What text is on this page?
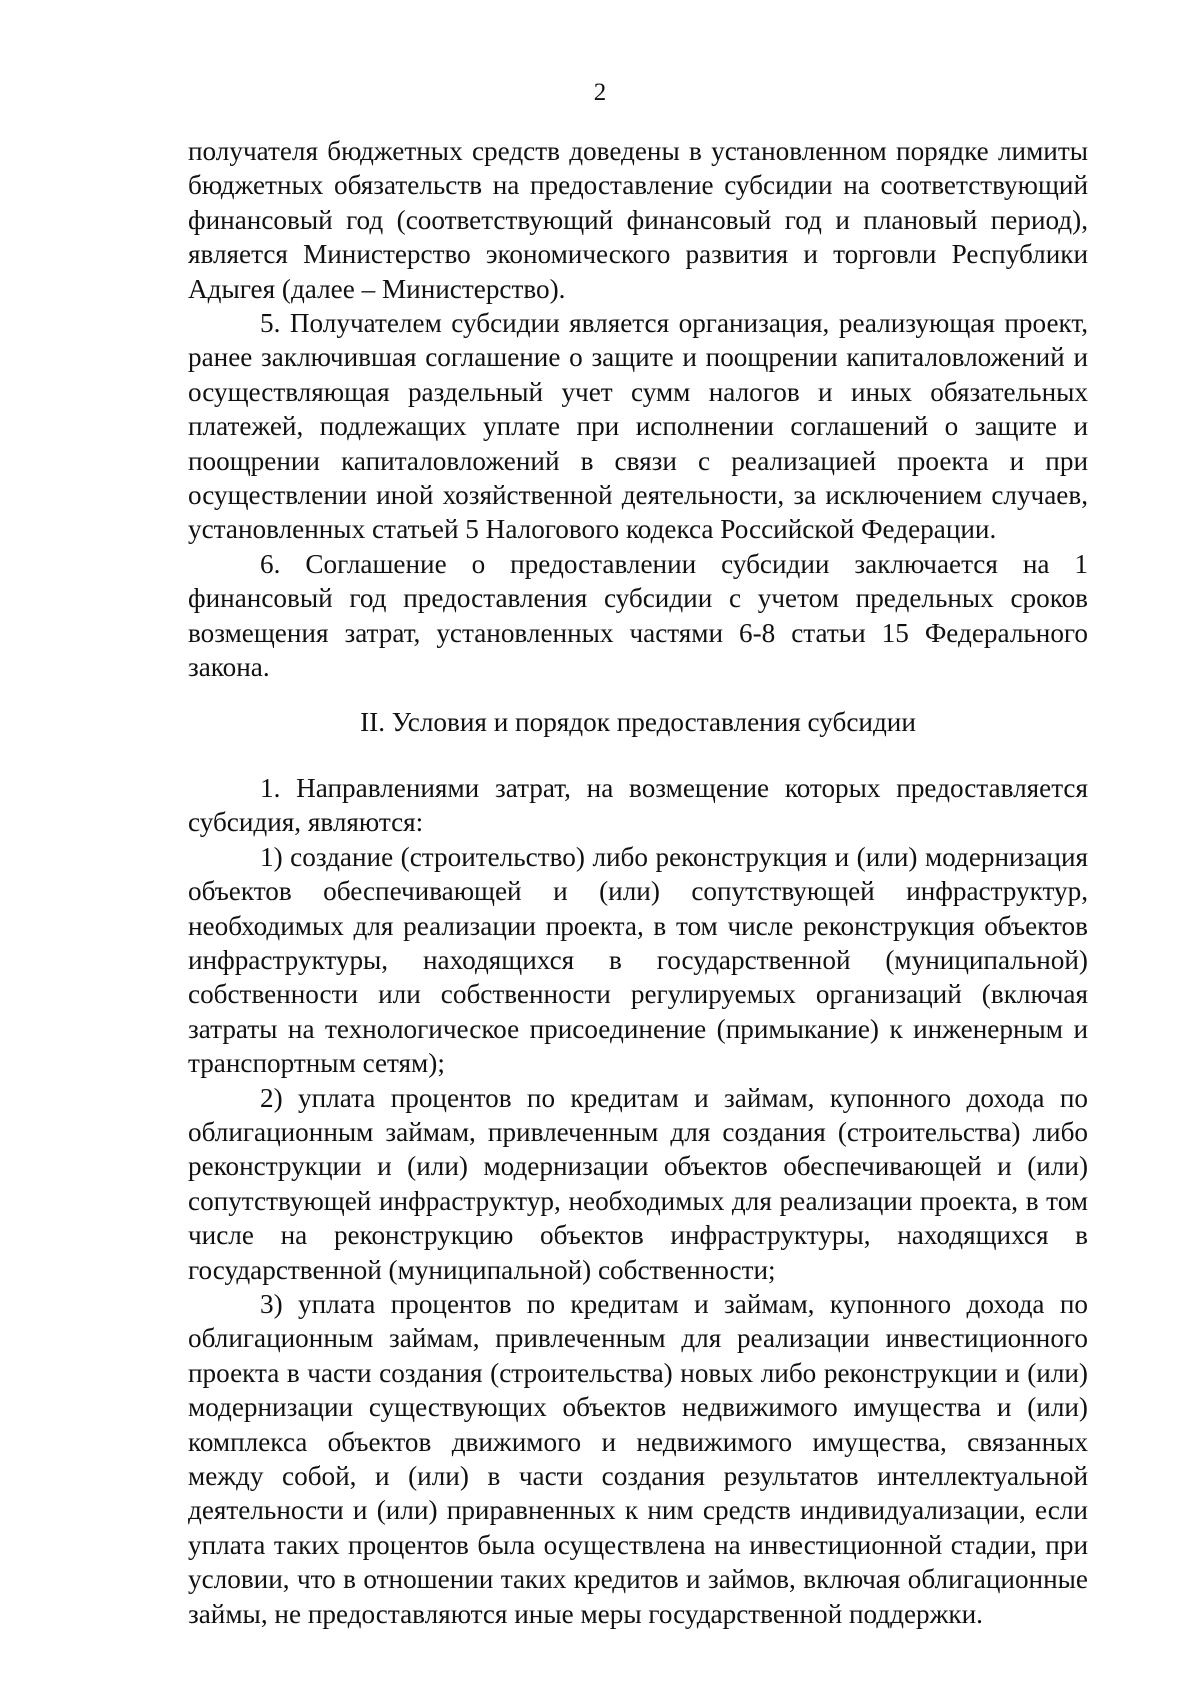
2

получателя бюджетных средств доведены в установленном порядке лимиты бюджетных обязательств на предоставление субсидии на соответствующий финансовый год (соответствующий финансовый год и плановый период), является Министерство экономического развития и торговли Республики Адыгея (далее – Министерство).

5. Получателем субсидии является организация, реализующая проект, ранее заключившая соглашение о защите и поощрении капиталовложений и осуществляющая раздельный учет сумм налогов и иных обязательных платежей, подлежащих уплате при исполнении соглашений о защите и поощрении капиталовложений в связи с реализацией проекта и при осуществлении иной хозяйственной деятельности, за исключением случаев, установленных статьей 5 Налогового кодекса Российской Федерации.

6. Соглашение о предоставлении субсидии заключается на 1 финансовый год предоставления субсидии с учетом предельных сроков возмещения затрат, установленных частями 6-8 статьи 15 Федерального закона.

II. Условия и порядок предоставления субсидии

1. Направлениями затрат, на возмещение которых предоставляется субсидия, являются:

1) создание (строительство) либо реконструкция и (или) модернизация объектов обеспечивающей и (или) сопутствующей инфраструктур, необходимых для реализации проекта, в том числе реконструкция объектов инфраструктуры, находящихся в государственной (муниципальной) собственности или собственности регулируемых организаций (включая затраты на технологическое присоединение (примыкание) к инженерным и транспортным сетям);

2) уплата процентов по кредитам и займам, купонного дохода по облигационным займам, привлеченным для создания (строительства) либо реконструкции и (или) модернизации объектов обеспечивающей и (или) сопутствующей инфраструктур, необходимых для реализации проекта, в том числе на реконструкцию объектов инфраструктуры, находящихся в государственной (муниципальной) собственности;

3) уплата процентов по кредитам и займам, купонного дохода по облигационным займам, привлеченным для реализации инвестиционного проекта в части создания (строительства) новых либо реконструкции и (или) модернизации существующих объектов недвижимого имущества и (или) комплекса объектов движимого и недвижимого имущества, связанных между собой, и (или) в части создания результатов интеллектуальной деятельности и (или) приравненных к ним средств индивидуализации, если уплата таких процентов была осуществлена на инвестиционной стадии, при условии, что в отношении таких кредитов и займов, включая облигационные займы, не предоставляются иные меры государственной поддержки.
